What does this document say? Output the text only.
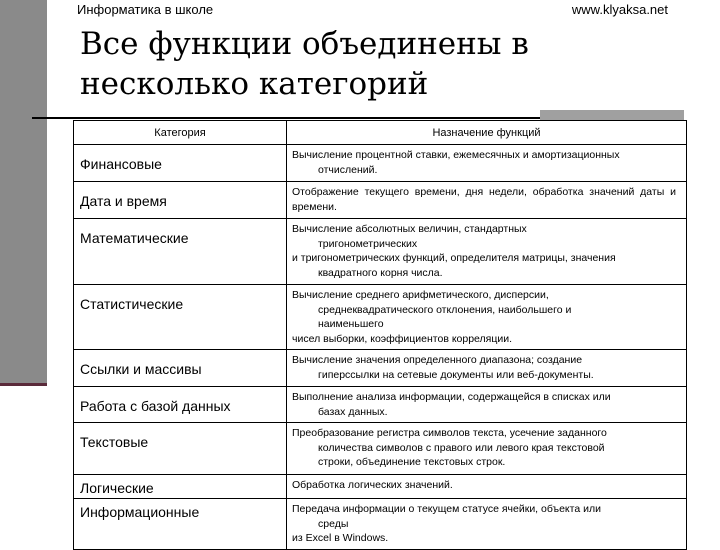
Информатика в школе	www.klyaksa.net
Все функции объединены в несколько категорий
Категория	Назначение функций
Финансовые	Вычисление процентной ставки, ежемесячных и амортизационных
отчислений.

Дата и время	Отображение текущего времени, дня недели, обработка значений даты и времени.

Математические	Вычисление абсолютных величин, стандартных
тригонометрических
и тригонометрических функций, определителя матрицы, значения
квадратного корня числа.

Статистические	Вычисление среднего арифметического, дисперсии,
среднеквадратического отклонения, наибольшего и
наименьшего
чисел выборки, коэффициентов корреляции.

Ссылки и массивы	Вычисление значения определенного диапазона; создание
гиперссылки на сетевые документы или веб-документы.

Работа с базой данных	Выполнение анализа информации, содержащейся в списках или
базах данных.

Текстовые	Преобразование регистра символов текста, усечение заданного
количества символов с правого или левого края текстовой
строки, объединение текстовых строк.

Логические	Обработка логических значений.

Информационные	Передача информации о текущем статусе ячейки, объекта или
среды
из Excel в Windows.
